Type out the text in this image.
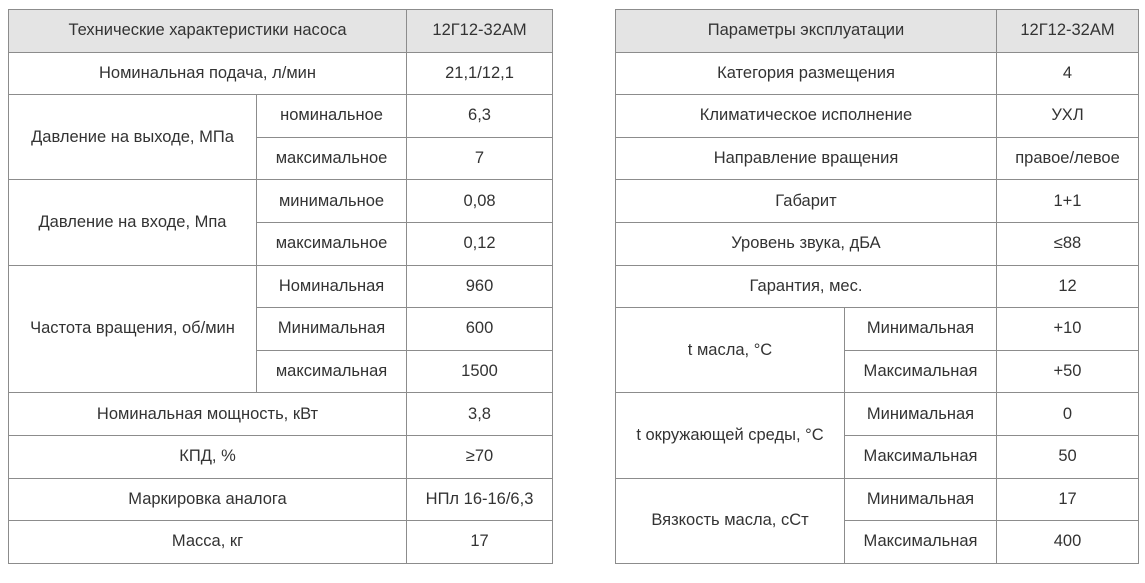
Технические характеристики насоса		12Г12-32АМ
Номинальная подача, л/мин		21,1/12,1
Давление на выходе, МПа	номинальное	6,3
	максимальное	7
Давление на входе, Мпа	минимальное	0,08
	максимальное	0,12
Частота вращения, об/мин	Номинальная	960
	Минимальная	600
	максимальная	1500
Номинальная мощность, кВт		3,8
КПД, %		≥70
Маркировка аналога		НПл 16-16/6,3
Масса, кг		17
Параметры эксплуатации		12Г12-32АМ
Категория размещения		4
Климатическое исполнение		УХЛ
Направление вращения		правое/левое
Габарит		1+1
Уровень звука, дБА		≤88
Гарантия, мес.		12
t масла, °C	Минимальная	+10
	Максимальная	+50
t окружающей среды, °C	Минимальная	0
	Максимальная	50
Вязкость масла, cСт	Минимальная	17
	Максимальная	400
